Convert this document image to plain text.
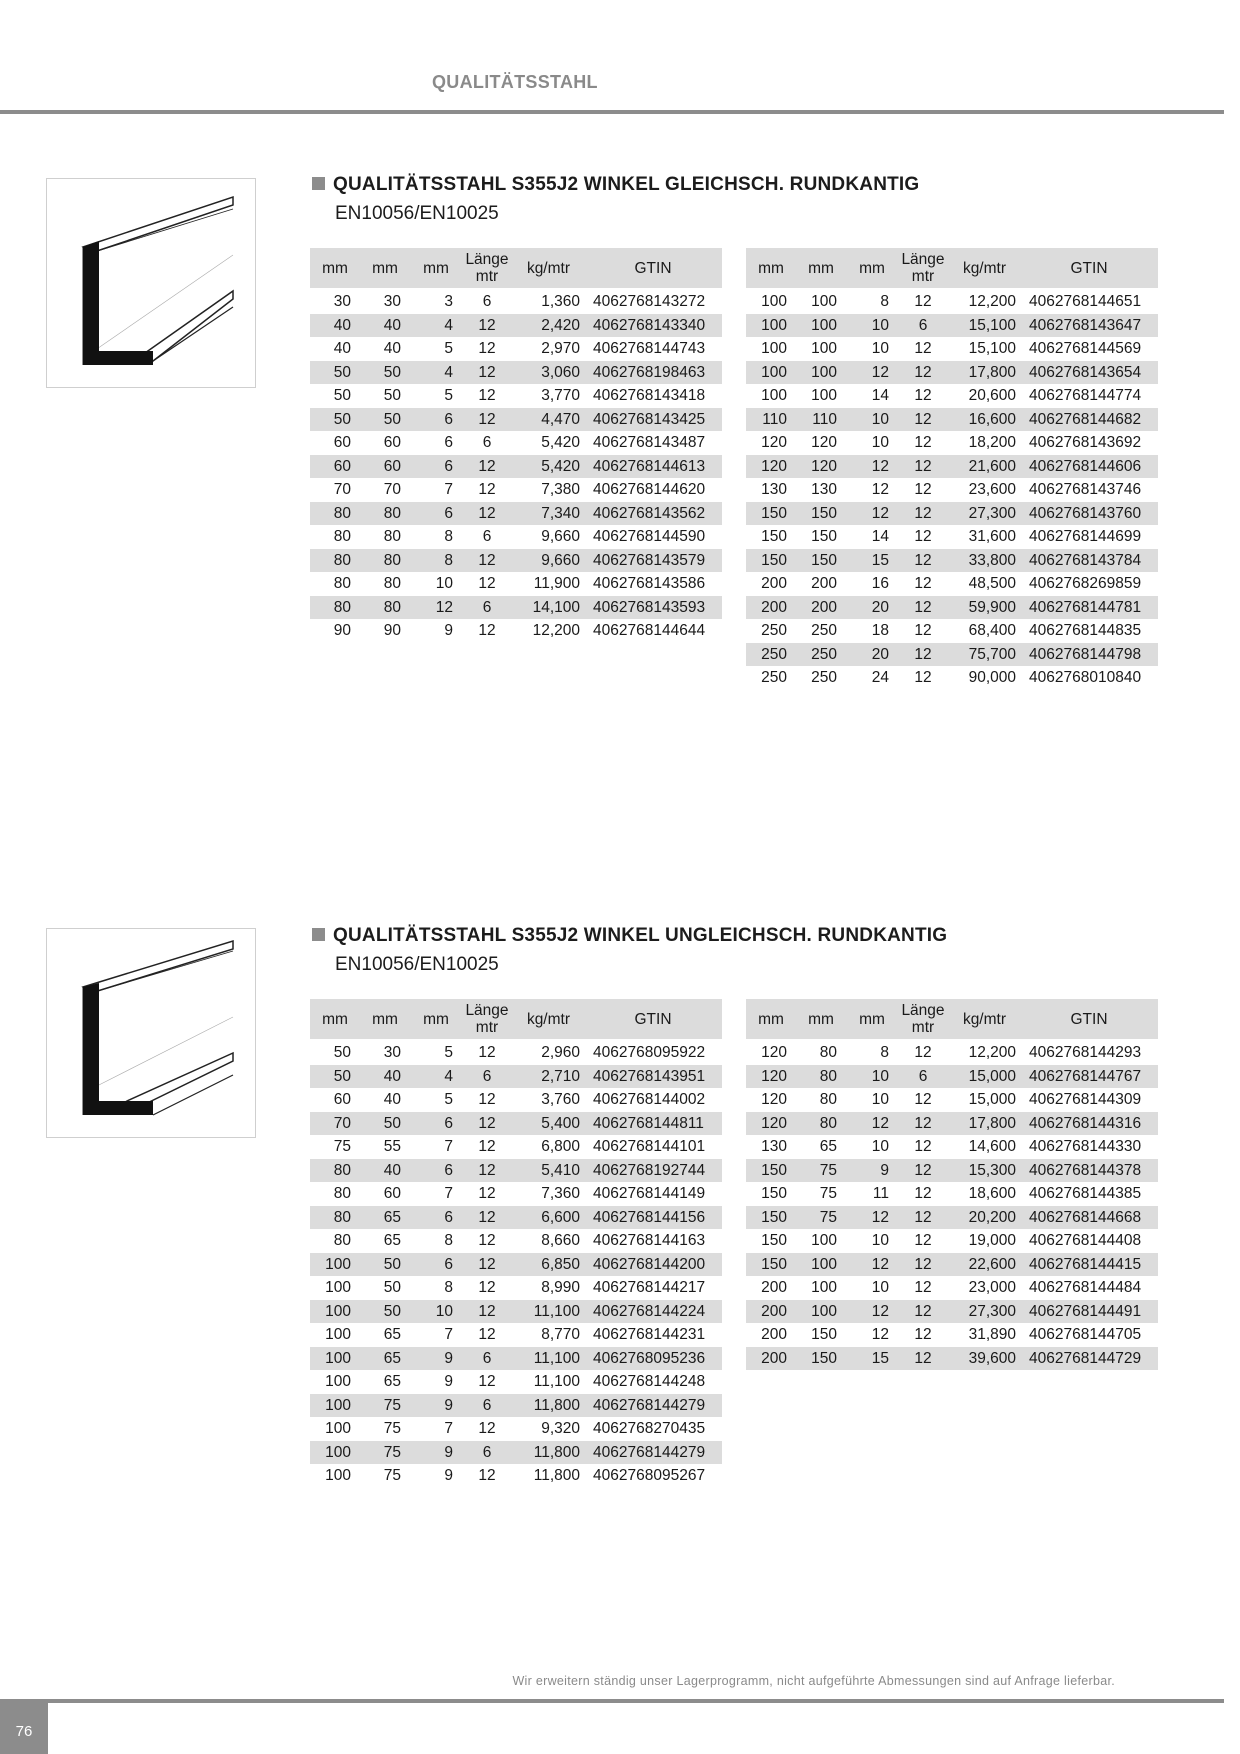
QUALITÄTSSTAHL
QUALITÄTSSTAHL S355J2 WINKEL GLEICHSCH. RUNDKANTIG
EN10056/EN10025
mm	mm	mm	Länge mtr	kg/mtr	GTIN
30	30	3	6	1,360	4062768143272
40	40	4	12	2,420	4062768143340
40	40	5	12	2,970	4062768144743
50	50	4	12	3,060	4062768198463
50	50	5	12	3,770	4062768143418
50	50	6	12	4,470	4062768143425
60	60	6	6	5,420	4062768143487
60	60	6	12	5,420	4062768144613
70	70	7	12	7,380	4062768144620
80	80	6	12	7,340	4062768143562
80	80	8	6	9,660	4062768144590
80	80	8	12	9,660	4062768143579
80	80	10	12	11,900	4062768143586
80	80	12	6	14,100	4062768143593
90	90	9	12	12,200	4062768144644
mm	mm	mm	Länge mtr	kg/mtr	GTIN
100	100	8	12	12,200	4062768144651
100	100	10	6	15,100	4062768143647
100	100	10	12	15,100	4062768144569
100	100	12	12	17,800	4062768143654
100	100	14	12	20,600	4062768144774
110	110	10	12	16,600	4062768144682
120	120	10	12	18,200	4062768143692
120	120	12	12	21,600	4062768144606
130	130	12	12	23,600	4062768143746
150	150	12	12	27,300	4062768143760
150	150	14	12	31,600	4062768144699
150	150	15	12	33,800	4062768143784
200	200	16	12	48,500	4062768269859
200	200	20	12	59,900	4062768144781
250	250	18	12	68,400	4062768144835
250	250	20	12	75,700	4062768144798
250	250	24	12	90,000	4062768010840
QUALITÄTSSTAHL S355J2 WINKEL UNGLEICHSCH. RUNDKANTIG
EN10056/EN10025
mm	mm	mm	Länge mtr	kg/mtr	GTIN
50	30	5	12	2,960	4062768095922
50	40	4	6	2,710	4062768143951
60	40	5	12	3,760	4062768144002
70	50	6	12	5,400	4062768144811
75	55	7	12	6,800	4062768144101
80	40	6	12	5,410	4062768192744
80	60	7	12	7,360	4062768144149
80	65	6	12	6,600	4062768144156
80	65	8	12	8,660	4062768144163
100	50	6	12	6,850	4062768144200
100	50	8	12	8,990	4062768144217
100	50	10	12	11,100	4062768144224
100	65	7	12	8,770	4062768144231
100	65	9	6	11,100	4062768095236
100	65	9	12	11,100	4062768144248
100	75	9	6	11,800	4062768144279
100	75	7	12	9,320	4062768270435
100	75	9	6	11,800	4062768144279
100	75	9	12	11,800	4062768095267
mm	mm	mm	Länge mtr	kg/mtr	GTIN
120	80	8	12	12,200	4062768144293
120	80	10	6	15,000	4062768144767
120	80	10	12	15,000	4062768144309
120	80	12	12	17,800	4062768144316
130	65	10	12	14,600	4062768144330
150	75	9	12	15,300	4062768144378
150	75	11	12	18,600	4062768144385
150	75	12	12	20,200	4062768144668
150	100	10	12	19,000	4062768144408
150	100	12	12	22,600	4062768144415
200	100	10	12	23,000	4062768144484
200	100	12	12	27,300	4062768144491
200	150	12	12	31,890	4062768144705
200	150	15	12	39,600	4062768144729
Wir erweitern ständig unser Lagerprogramm, nicht aufgeführte Abmessungen sind auf Anfrage lieferbar.
76
